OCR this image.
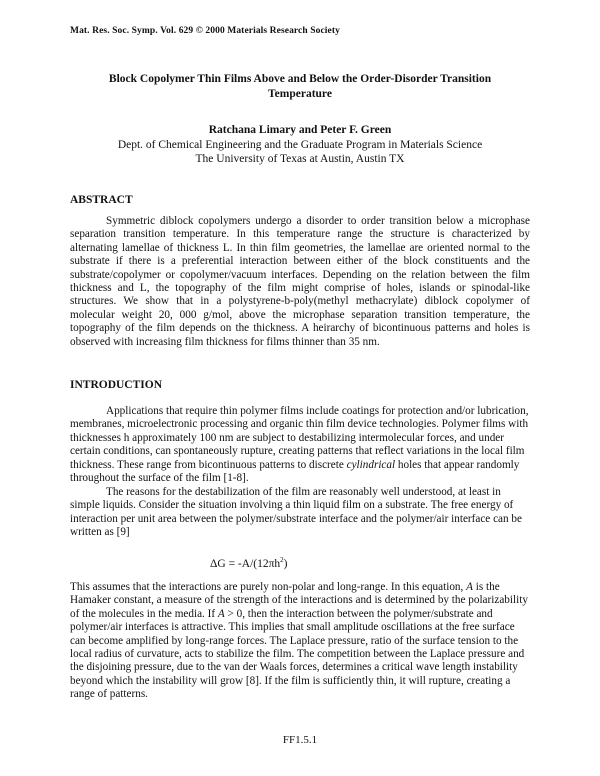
Mat. Res. Soc. Symp. Vol. 629 © 2000 Materials Research Society
Block Copolymer Thin Films Above and Below the Order-Disorder Transition
Temperature
Ratchana Limary and Peter F. Green
Dept. of Chemical Engineering and the Graduate Program in Materials Science
The University of Texas at Austin, Austin TX
ABSTRACT

Symmetric diblock copolymers undergo a disorder to order transition below a microphase separation transition temperature. In this temperature range the structure is characterized by alternating lamellae of thickness L. In thin film geometries, the lamellae are oriented normal to the substrate if there is a preferential interaction between either of the block constituents and the substrate/copolymer or copolymer/vacuum interfaces. Depending on the relation between the film thickness and L, the topography of the film might comprise of holes, islands or spinodal-like structures. We show that in a polystyrene-b-poly(methyl methacrylate) diblock copolymer of molecular weight 20, 000 g/mol, above the microphase separation transition temperature, the topography of the film depends on the thickness. A heirarchy of bicontinuous patterns and holes is observed with increasing film thickness for films thinner than 35 nm.

INTRODUCTION

Applications that require thin polymer films include coatings for protection and/or lubrication, membranes, microelectronic processing and organic thin film device technologies. Polymer films with thicknesses h approximately 100 nm are subject to destabilizing intermolecular forces, and under certain conditions, can spontaneously rupture, creating patterns that reflect variations in the local film thickness. These range from bicontinuous patterns to discrete cylindrical holes that appear randomly throughout the surface of the film [1-8].

The reasons for the destabilization of the film are reasonably well understood, at least in simple liquids. Consider the situation involving a thin liquid film on a substrate. The free energy of interaction per unit area between the polymer/substrate interface and the polymer/air interface can be written as [9]

$\Delta G = -A/(12\pi h^2)$

This assumes that the interactions are purely non-polar and long-range. In this equation, A is the Hamaker constant, a measure of the strength of the interactions and is determined by the polarizability of the molecules in the media. If A > 0, then the interaction between the polymer/substrate and polymer/air interfaces is attractive. This implies that small amplitude oscillations at the free surface can become amplified by long-range forces. The Laplace pressure, ratio of the surface tension to the local radius of curvature, acts to stabilize the film. The competition between the Laplace pressure and the disjoining pressure, due to the van der Waals forces, determines a critical wave length instability beyond which the instability will grow [8]. If the film is sufficiently thin, it will rupture, creating a range of patterns.

FF1.5.1
